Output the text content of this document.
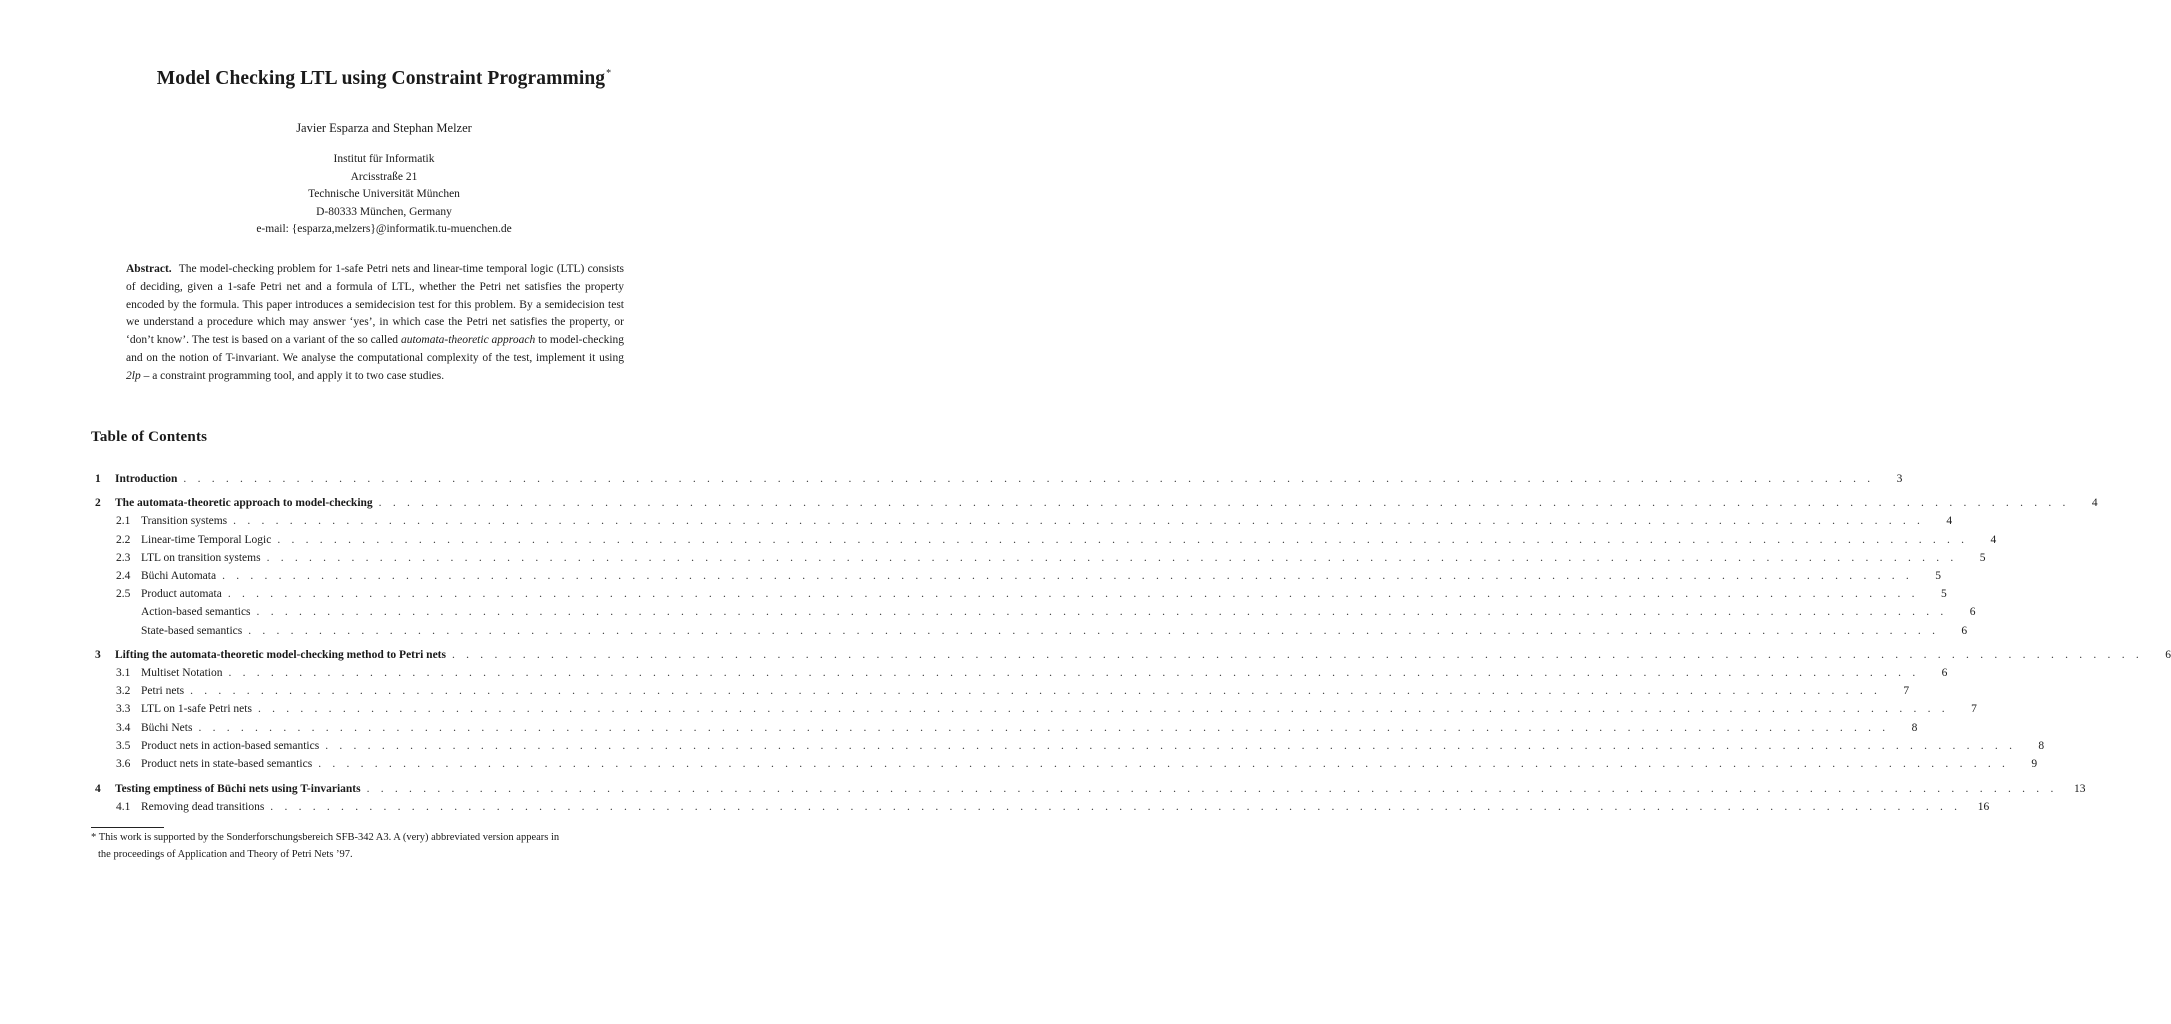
Model Checking LTL using Constraint Programming*
Javier Esparza and Stephan Melzer
Institut für Informatik
Arcisstraße 21
Technische Universität München
D-80333 München, Germany
e-mail: {esparza,melzers}@informatik.tu-muenchen.de
Abstract. The model-checking problem for 1-safe Petri nets and linear-time temporal logic (LTL) consists of deciding, given a 1-safe Petri net and a formula of LTL, whether the Petri net satisfies the property encoded by the formula. This paper introduces a semidecision test for this problem. By a semidecision test we understand a procedure which may answer ‘yes’, in which case the Petri net satisfies the property, or ‘don’t know’. The test is based on a variant of the so called automata-theoretic approach to model-checking and on the notion of T-invariant. We analyse the computational complexity of the test, implement it using 2lp – a constraint programming tool, and apply it to two case studies.
Table of Contents
1	Introduction . . . . . . . . . . . . . . . . . . . . . . . . . . . . . . . . . . . . . . . . . . . . . . . . . . . . . . . . . . . . . . . . . . . . . . . . . . . . . . . . . . . . . . . . . . . . . . . . . . . . . . . . . . . . . . . . . . . . . . . .	3
2	The automata-theoretic approach to model-checking . . . . . . . . . . . . . . . . . . . . . . . . . . . . . . . . . . . . . . . . . . . . . . . . . . . . . . . . . . . . . . . . . . . . . . . . . . . . . . . . . . . . . . . . . . . . . . . . . . . . . . . . . . . . . . . . . . . . . . . .	4
2.1 Transition systems . . . . . . . . . . . . . . . . . . . . . . . . . . . . . . . . . . . . . . . . . . . . . . . . . . . . . . . . . . . . . . . . . . . . . . . . . . . . . . . . . . . . . . . . . . . . . . . . . . . . . . . . . . . . . . . . . . . . . . . .	4
2.2 Linear-time Temporal Logic . . . . . . . . . . . . . . . . . . . . . . . . . . . . . . . . . . . . . . . . . . . . . . . . . . . . . . . . . . . . . . . . . . . . . . . . . . . . . . . . . . . . . . . . . . . . . . . . . . . . . . . . . . . . . . . . . . . . . . . .	4
2.3 LTL on transition systems . . . . . . . . . . . . . . . . . . . . . . . . . . . . . . . . . . . . . . . . . . . . . . . . . . . . . . . . . . . . . . . . . . . . . . . . . . . . . . . . . . . . . . . . . . . . . . . . . . . . . . . . . . . . . . . . . . . . . . . .	5
2.4 Büchi Automata . . . . . . . . . . . . . . . . . . . . . . . . . . . . . . . . . . . . . . . . . . . . . . . . . . . . . . . . . . . . . . . . . . . . . . . . . . . . . . . . . . . . . . . . . . . . . . . . . . . . . . . . . . . . . . . . . . . . . . . .	5
2.5 Product automata . . . . . . . . . . . . . . . . . . . . . . . . . . . . . . . . . . . . . . . . . . . . . . . . . . . . . . . . . . . . . . . . . . . . . . . . . . . . . . . . . . . . . . . . . . . . . . . . . . . . . . . . . . . . . . . . . . . . . . . .	5
Action-based semantics . . . . . . . . . . . . . . . . . . . . . . . . . . . . . . . . . . . . . . . . . . . . . . . . . . . . . . . . . . . . . . . . . . . . . . . . . . . . . . . . . . . . . . . . . . . . . . . . . . . . . . . . . . . . . . . . . . . . . . . .	6
State-based semantics . . . . . . . . . . . . . . . . . . . . . . . . . . . . . . . . . . . . . . . . . . . . . . . . . . . . . . . . . . . . . . . . . . . . . . . . . . . . . . . . . . . . . . . . . . . . . . . . . . . . . . . . . . . . . . . . . . . . . . . .	6
3	Lifting the automata-theoretic model-checking method to Petri nets . . . . . . . . . . . . . . . . . . . . . . . . . . . . . . . . . . . . . . . . . . . . . . . . . . . . . . . . . . . . . . . . . . . . . . . . . . . . . . . . . . . . . . . . . . . . . . . . . . . . . . . . . . . . . . . . . . . . . . . .	6
3.1 Multiset Notation . . . . . . . . . . . . . . . . . . . . . . . . . . . . . . . . . . . . . . . . . . . . . . . . . . . . . . . . . . . . . . . . . . . . . . . . . . . . . . . . . . . . . . . . . . . . . . . . . . . . . . . . . . . . . . . . . . . . . . . .	6
3.2 Petri nets . . . . . . . . . . . . . . . . . . . . . . . . . . . . . . . . . . . . . . . . . . . . . . . . . . . . . . . . . . . . . . . . . . . . . . . . . . . . . . . . . . . . . . . . . . . . . . . . . . . . . . . . . . . . . . . . . . . . . . . .	7
3.3 LTL on 1-safe Petri nets . . . . . . . . . . . . . . . . . . . . . . . . . . . . . . . . . . . . . . . . . . . . . . . . . . . . . . . . . . . . . . . . . . . . . . . . . . . . . . . . . . . . . . . . . . . . . . . . . . . . . . . . . . . . . . . . . . . . . . . .	7
3.4 Büchi Nets . . . . . . . . . . . . . . . . . . . . . . . . . . . . . . . . . . . . . . . . . . . . . . . . . . . . . . . . . . . . . . . . . . . . . . . . . . . . . . . . . . . . . . . . . . . . . . . . . . . . . . . . . . . . . . . . . . . . . . . .	8
3.5 Product nets in action-based semantics . . . . . . . . . . . . . . . . . . . . . . . . . . . . . . . . . . . . . . . . . . . . . . . . . . . . . . . . . . . . . . . . . . . . . . . . . . . . . . . . . . . . . . . . . . . . . . . . . . . . . . . . . . . . . . . . . . . . . . . .	8
3.6 Product nets in state-based semantics . . . . . . . . . . . . . . . . . . . . . . . . . . . . . . . . . . . . . . . . . . . . . . . . . . . . . . . . . . . . . . . . . . . . . . . . . . . . . . . . . . . . . . . . . . . . . . . . . . . . . . . . . . . . . . . . . . . . . . . .	9
4	Testing emptiness of Büchi nets using T-invariants . . . . . . . . . . . . . . . . . . . . . . . . . . . . . . . . . . . . . . . . . . . . . . . . . . . . . . . . . . . . . . . . . . . . . . . . . . . . . . . . . . . . . . . . . . . . . . . . . . . . . . . . . . . . . . . . . . . . . . . .	13
4.1 Removing dead transitions . . . . . . . . . . . . . . . . . . . . . . . . . . . . . . . . . . . . . . . . . . . . . . . . . . . . . . . . . . . . . . . . . . . . . . . . . . . . . . . . . . . . . . . . . . . . . . . . . . . . . . . . . . . . . . . . . . . . . . . .	16
* This work is supported by the Sonderforschungsbereich SFB-342 A3. A (very) abbreviated version appears in
the proceedings of Application and Theory of Petri Nets ’97.
